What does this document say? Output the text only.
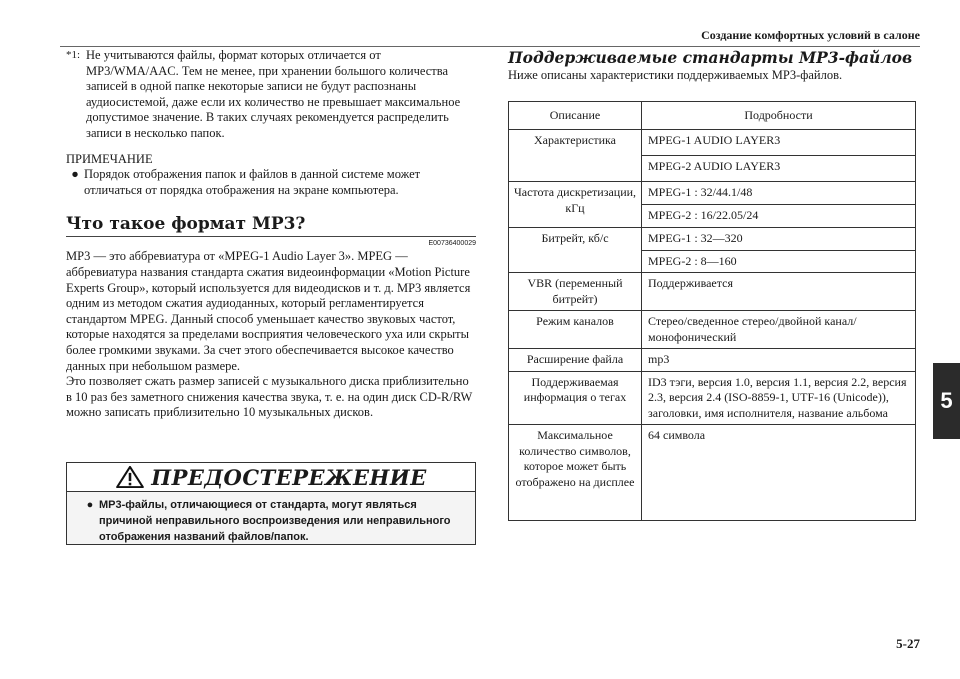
Создание комфортных условий в салоне
5
*1: Не учитываются файлы, формат которых отличается от MP3/WMA/AAC. Тем не менее, при хранении большого количества записей в одной папке некоторые записи не будут распознаны аудиосистемой, даже если их количество не превышает максимальное допустимое значение. В таких случаях рекомендуется распределить записи в несколько папок.
ПРИМЕЧАНИЕ
● Порядок отображения папок и файлов в данной системе может отличаться от порядка отображения на экране компьютера.
Что такое формат MP3?
E00736400029

MP3 — это аббревиатура от «MPEG-1 Audio Layer 3». MPEG — аббревиатура названия стандарта сжатия видеоинформации «Motion Picture Experts Group», который используется для видеодисков и т. д. MP3 является одним из методом сжатия аудиоданных, который регламентируется стандартом MPEG. Данный способ уменьшает качество звуковых частот, которые находятся за пределами восприятия человеческого уха или скрыты более громкими звуками. За счет этого обеспечивается высокое качество данных при небольшом размере.

Это позволяет сжать размер записей с музыкального диска приблизительно в 10 раз без заметного снижения качества звука, т. е. на один диск CD-R/RW можно записать приблизительно 10 музыкальных дисков.

ПРЕДОСТЕРЕЖЕНИЕ
● MP3-файлы, отличающиеся от стандарта, могут являться причиной неправильного воспроизведения или неправильного отображения названий файлов/папок.
Поддерживаемые стандарты MP3-файлов
Ниже описаны характеристики поддерживаемых MP3-файлов.
Описание	Подробности
Характеристика	MPEG-1 AUDIO LAYER3
	MPEG-2 AUDIO LAYER3
Частота дискретизации, кГц	MPEG-1 : 32/44.1/48
	MPEG-2 : 16/22.05/24
Битрейт, кб/с	MPEG-1 : 32—320
	MPEG-2 : 8—160
VBR (переменный битрейт)	Поддерживается
Режим каналов	Стерео/сведенное стерео/двойной канал/ монофонический
Расширение файла	mp3
Поддерживаемая информация о тегах	ID3 тэги, версия 1.0, версия 1.1, версия 2.2, версия 2.3, версия 2.4 (ISO-8859-1, UTF-16 (Unicode)), заголовки, имя исполнителя, название альбома
Максимальное количество символов, которое может быть отображено на дисплее	64 символа
5-27
